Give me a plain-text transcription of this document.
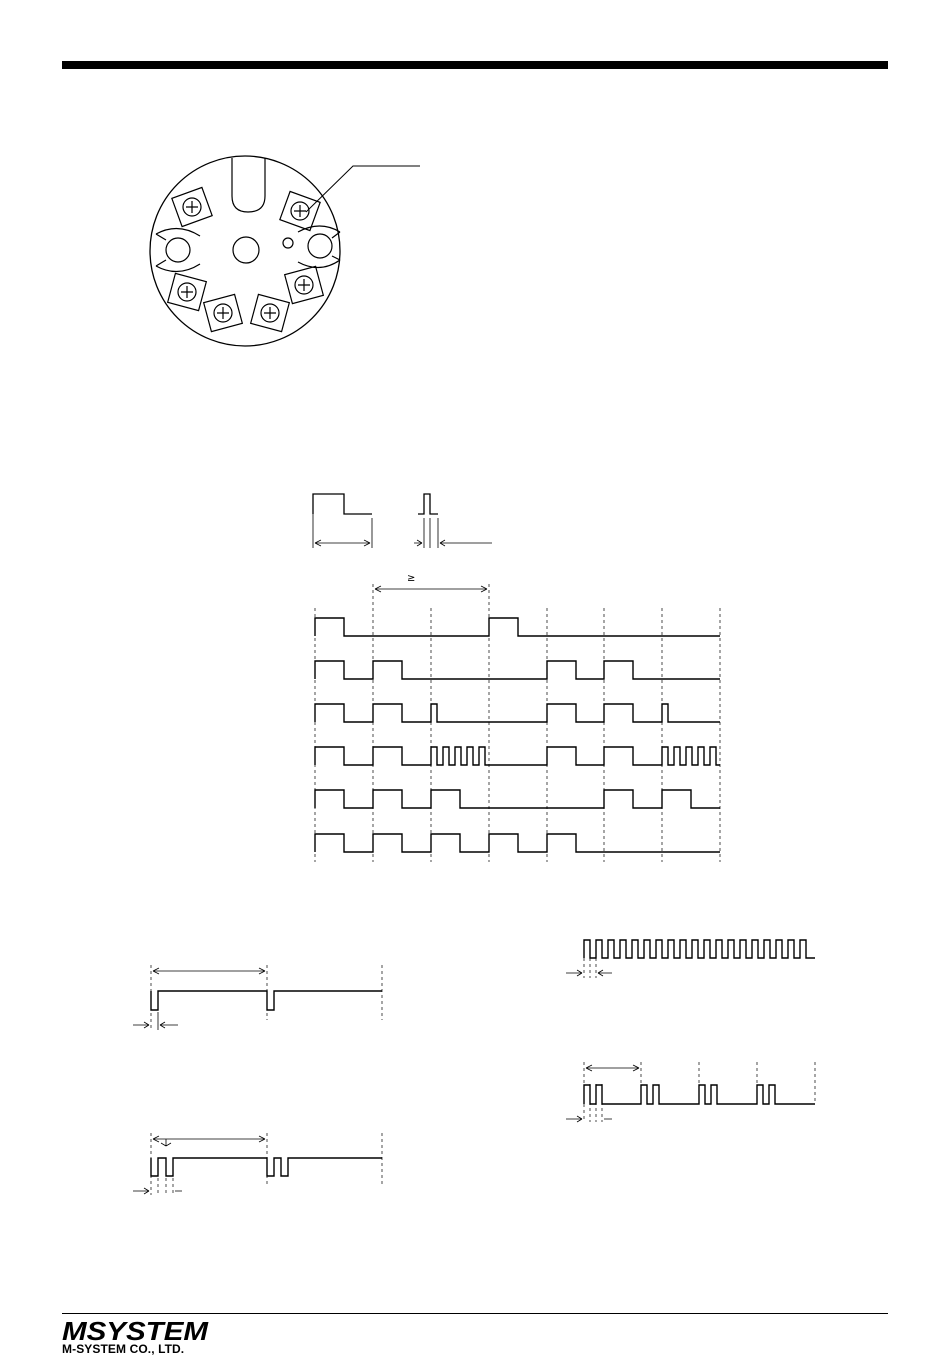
≥
MSYSTEM
M-SYSTEM CO., LTD.
